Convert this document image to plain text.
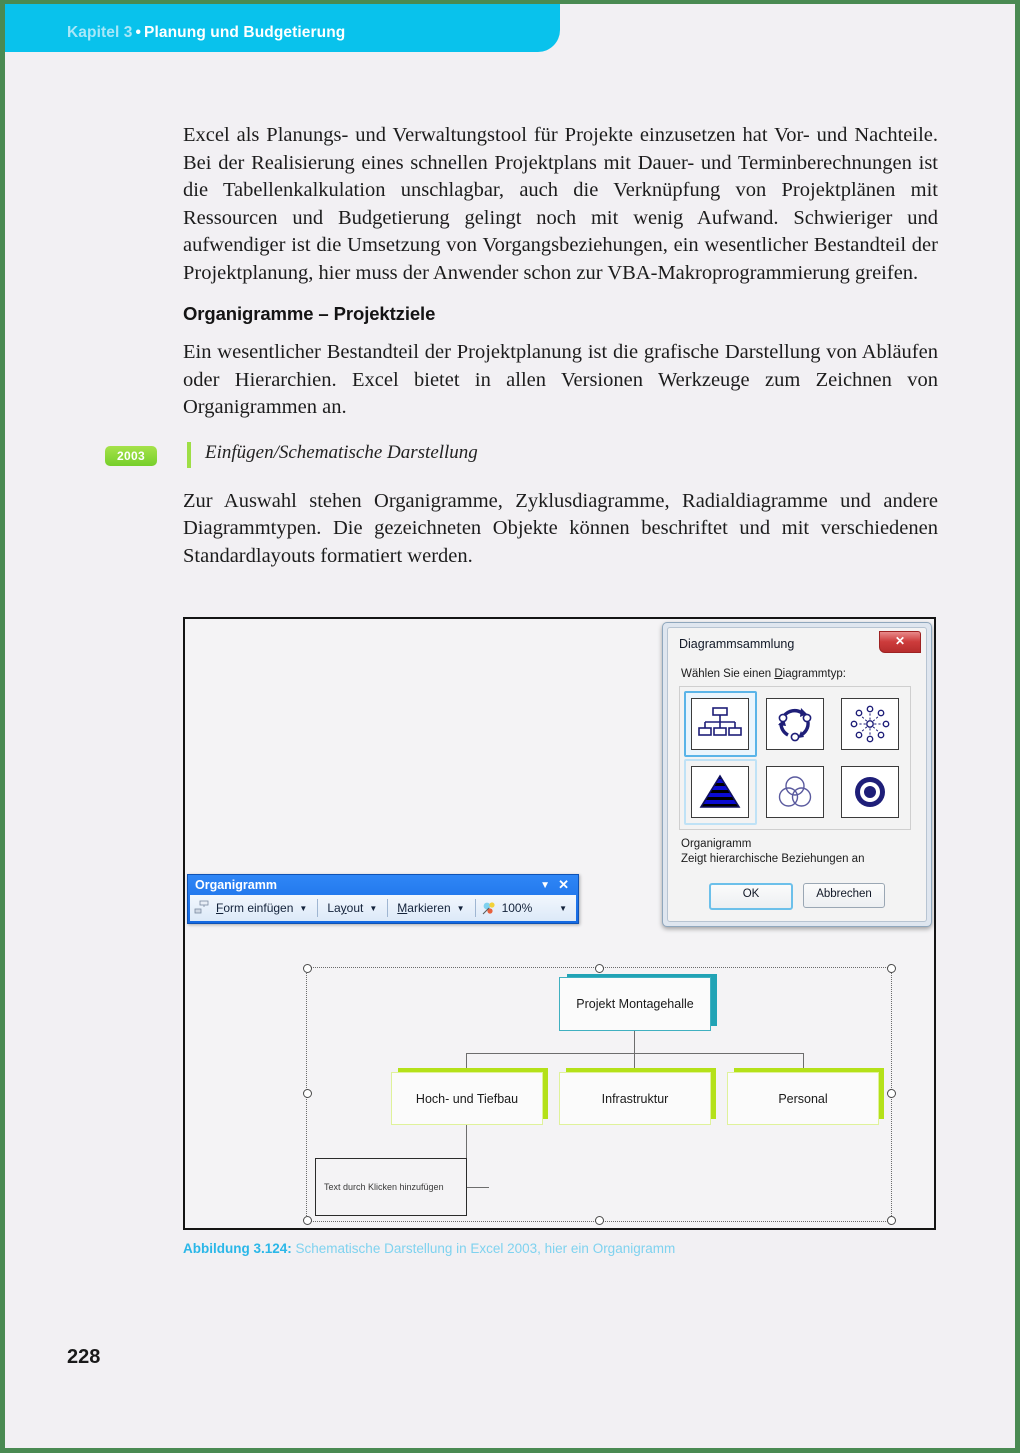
Kapitel 3 • Planung und Budgetierung

Excel als Planungs- und Verwaltungstool für Projekte einzusetzen hat Vor- und Nachteile. Bei der Realisierung eines schnellen Projektplans mit Dauer- und Terminberechnungen ist die Tabellenkalkulation unschlagbar, auch die Verknüpfung von Projektplänen mit Ressourcen und Budgetierung gelingt noch mit wenig Aufwand. Schwieriger und aufwendiger ist die Umsetzung von Vorgangsbeziehungen, ein wesentlicher Bestandteil der Projektplanung, hier muss der Anwender schon zur VBA-Makroprogrammierung greifen.

Organigramme – Projektziele

Ein wesentlicher Bestandteil der Projektplanung ist die grafische Darstellung von Abläufen oder Hierarchien. Excel bietet in allen Versionen Werkzeuge zum Zeichnen von Organigrammen an.

2003	Einfügen/Schematische Darstellung

Zur Auswahl stehen Organigramme, Zyklusdiagramme, Radialdiagramme und andere Diagrammtypen. Die gezeichneten Objekte können beschriftet und mit verschiedenen Standardlayouts formatiert werden.

Diagrammsammlung	✕
Wählen Sie einen Diagrammtyp:
Organigramm
Zeigt hierarchische Beziehungen an
OK	Abbrechen
Organigramm	▼ ✕
Form einfügen ▼	Layout ▼	Markieren ▼	100%	▼
Projekt Montagehalle
Hoch- und Tiefbau	Infrastruktur	Personal
Text durch Klicken hinzufügen
Abbildung 3.124: Schematische Darstellung in Excel 2003, hier ein Organigramm
228
